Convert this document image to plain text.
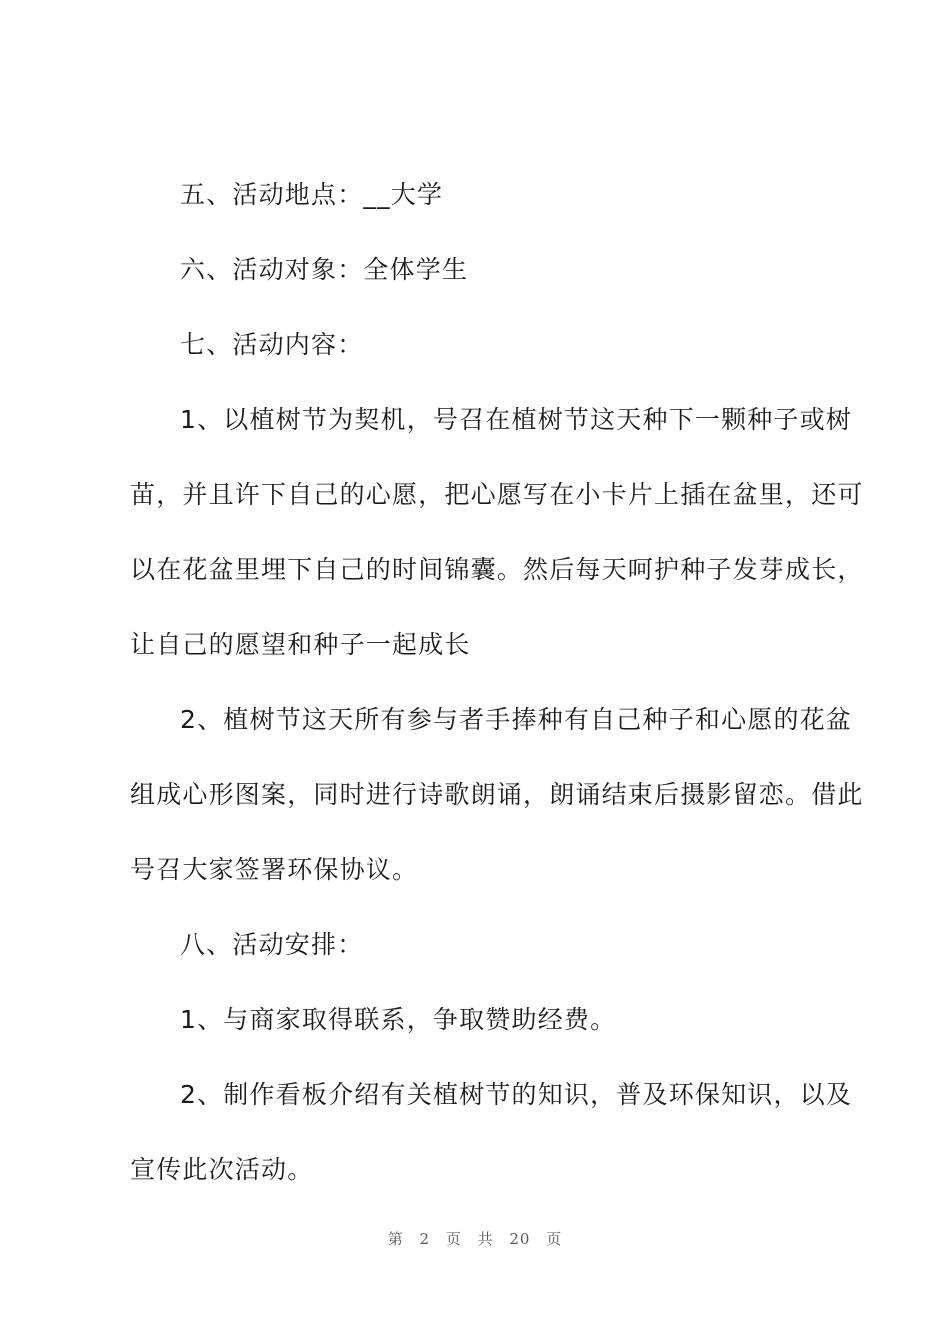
五、活动地点：__大学
六、活动对象：全体学生
七、活动内容：
1、以植树节为契机，号召在植树节这天种下一颗种子或树
苗，并且许下自己的心愿，把心愿写在小卡片上插在盆里，还可
以在花盆里埋下自己的时间锦囊。然后每天呵护种子发芽成长，
让自己的愿望和种子一起成长
2、植树节这天所有参与者手捧种有自己种子和心愿的花盆
组成心形图案，同时进行诗歌朗诵，朗诵结束后摄影留恋。借此
号召大家签署环保协议。
八、活动安排：
1、与商家取得联系，争取赞助经费。
2、制作看板介绍有关植树节的知识，普及环保知识，以及
宣传此次活动。
第 2 页 共 20 页
